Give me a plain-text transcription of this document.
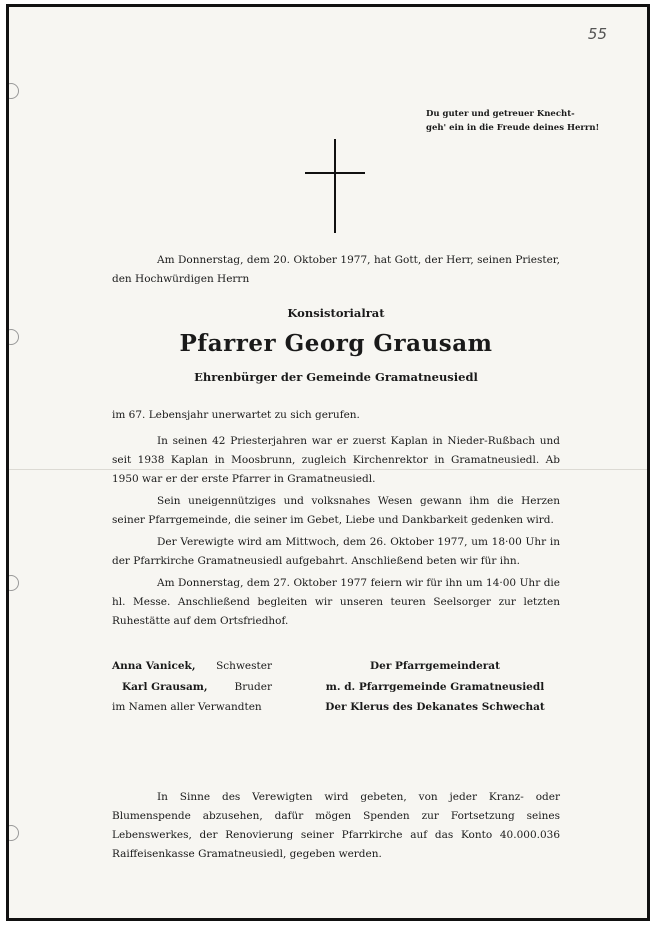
55
Du guter und getreuer Knecht-
geh' ein in die Freude deines Herrn!
Am Donnerstag, dem 20. Oktober 1977, hat Gott, der Herr, seinen Priester, den Hochwürdigen Herrn
Konsistorialrat
Pfarrer Georg Grausam
Ehrenbürger der Gemeinde Gramatneusiedl
im 67. Lebensjahr unerwartet zu sich gerufen.
In seinen 42 Priesterjahren war er zuerst Kaplan in Nieder-Rußbach und seit 1938 Kaplan in Moosbrunn, zugleich Kirchenrektor in Gramatneusiedl. Ab 1950 war er der erste Pfarrer in Gramatneusiedl.
Sein uneigennütziges und volksnahes Wesen gewann ihm die Herzen seiner Pfarrgemeinde, die seiner im Gebet, Liebe und Dankbarkeit gedenken wird.
Der Verewigte wird am Mittwoch, dem 26. Oktober 1977, um 18·00 Uhr in der Pfarrkirche Gramatneusiedl aufgebahrt. Anschließend beten wir für ihn.
Am Donnerstag, dem 27. Oktober 1977 feiern wir für ihn um 14·00 Uhr die hl. Messe. Anschließend begleiten wir unseren teuren Seelsorger zur letzten Ruhestätte auf dem Ortsfriedhof.
Anna Vanicek, Schwester
Karl Grausam,	Bruder
im Namen aller Verwandten
Der Pfarrgemeinderat
m. d. Pfarrgemeinde Gramatneusiedl
Der Klerus des Dekanates Schwechat
In Sinne des Verewigten wird gebeten, von jeder Kranz- oder Blumenspende abzusehen, dafür mögen Spenden zur Fortsetzung seines Lebenswerkes, der Renovierung seiner Pfarrkirche auf das Konto 40.000.036 Raiffeisenkasse Gramatneusiedl, gegeben werden.
